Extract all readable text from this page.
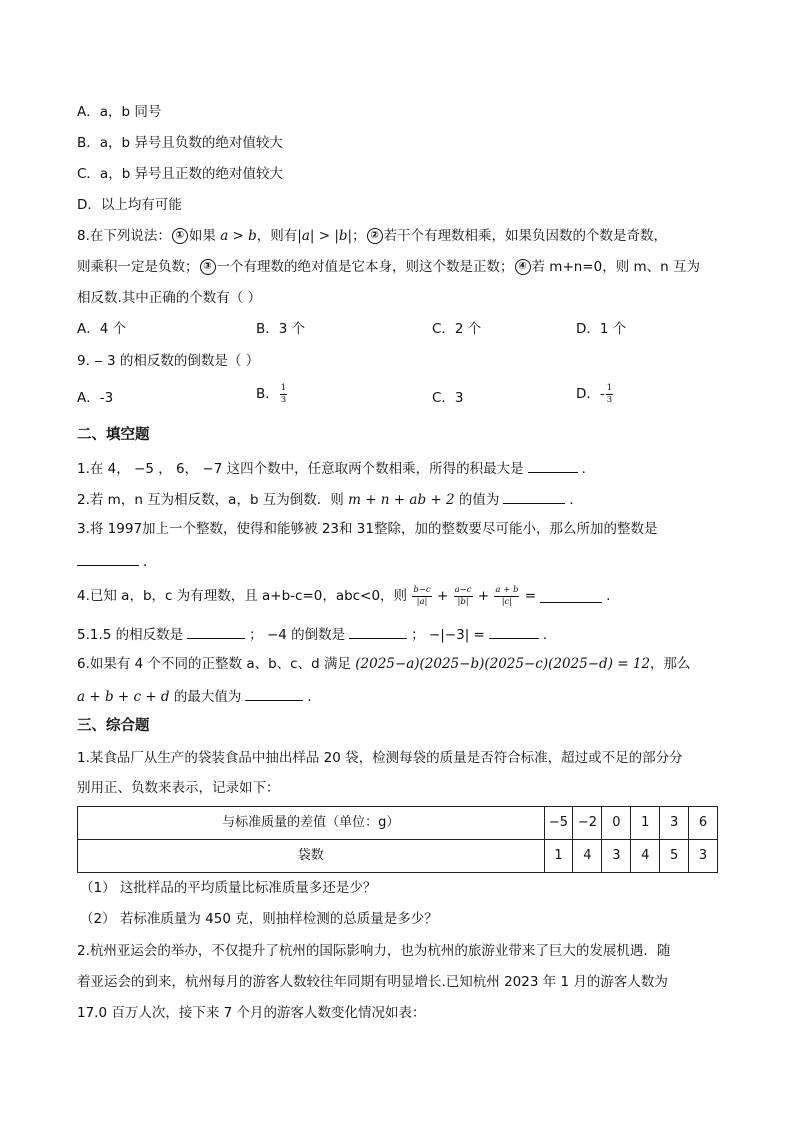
A．a，b 同号
B．a，b 异号且负数的绝对值较大
C．a，b 异号且正数的绝对值较大
D．以上均有可能
8.在下列说法： ① 如果 a > b，则有|a| > |b|； ② 若干个有理数相乘，如果负因数的个数是奇数，
则乘积一定是负数； ③ 一个有理数的绝对值是它本身，则这个数是正数； ④ 若 m+n=0，则 m、n 互为
相反数.其中正确的个数有（ ）
A．4 个	B．3 个	C．2 个	D．1 个
9. ‒ 3 的相反数的倒数是（ ）
A．-3	B． $\frac{1}{3}$	C．3	D．- $\frac{1}{3}$
二、填空题
1.在 4， −5 ， 6， −7 这四个数中，任意取两个数相乘，所得的积最大是	．
2.若 m，n 互为相反数，a，b 互为倒数．则 m + n + ab + 2 的值为	．
3.将 1997加上一个整数，使得和能够被 23和 31整除，加的整数要尽可能小，那么所加的整数是
．
4.已知 a，b，c 为有理数，且 a+b-c=0，abc<0，则 $\frac{b-c}{|a|} + \frac{a-c}{|b|} + \frac{a + b}{|c|}$ =	.
5.1.5 的相反数是	； −4 的倒数是	； −|−3| =	．
6.如果有 4 个不同的正整数 a、b、c、d 满足 (2025−a)(2025−b)(2025−c)(2025−d) = 12，那么
a + b + c + d 的最大值为	．
三、综合题
1.某食品厂从生产的袋装食品中抽出样品 20 袋，检测每袋的质量是否符合标准，超过或不足的部分分
别用正、负数来表示，记录如下：
与标准质量的差值（单位：g）	−5	−2	0	1	3	6
袋数	1	4	3	4	5	3
（1） 这批样品的平均质量比标准质量多还是少？
（2） 若标准质量为 450 克，则抽样检测的总质量是多少？
2.杭州亚运会的举办，不仅提升了杭州的国际影响力，也为杭州的旅游业带来了巨大的发展机遇．随
着亚运会的到来，杭州每月的游客人数较往年同期有明显增长.已知杭州 2023 年 1 月的游客人数为
17.0 百万人次，接下来 7 个月的游客人数变化情况如表：
